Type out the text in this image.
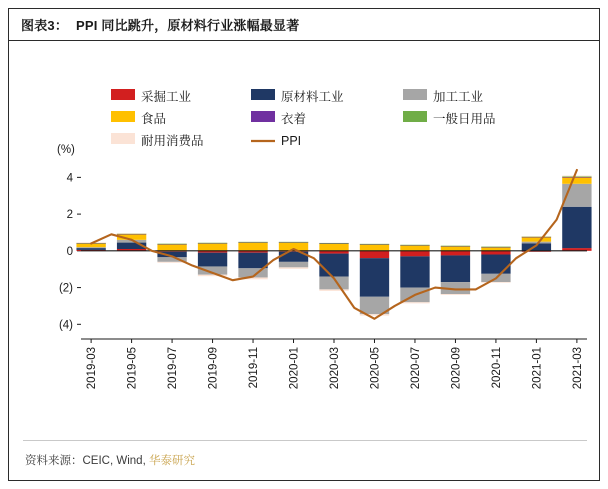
图表3： PPI 同比跳升，原材料行业涨幅最显著
采掘工业	原材料工业	加工工业
食品	衣着	一般日用品
耐用消费品	PPI
(%)
(4)
(2)
0
2
4
2019-03 2019-05 2019-07 2019-09 2019-11 2020-01 2020-03 2020-05 2020-07 2020-09 2020-11 2021-01 2021-03
资料来源：CEIC, Wind, 华泰研究
